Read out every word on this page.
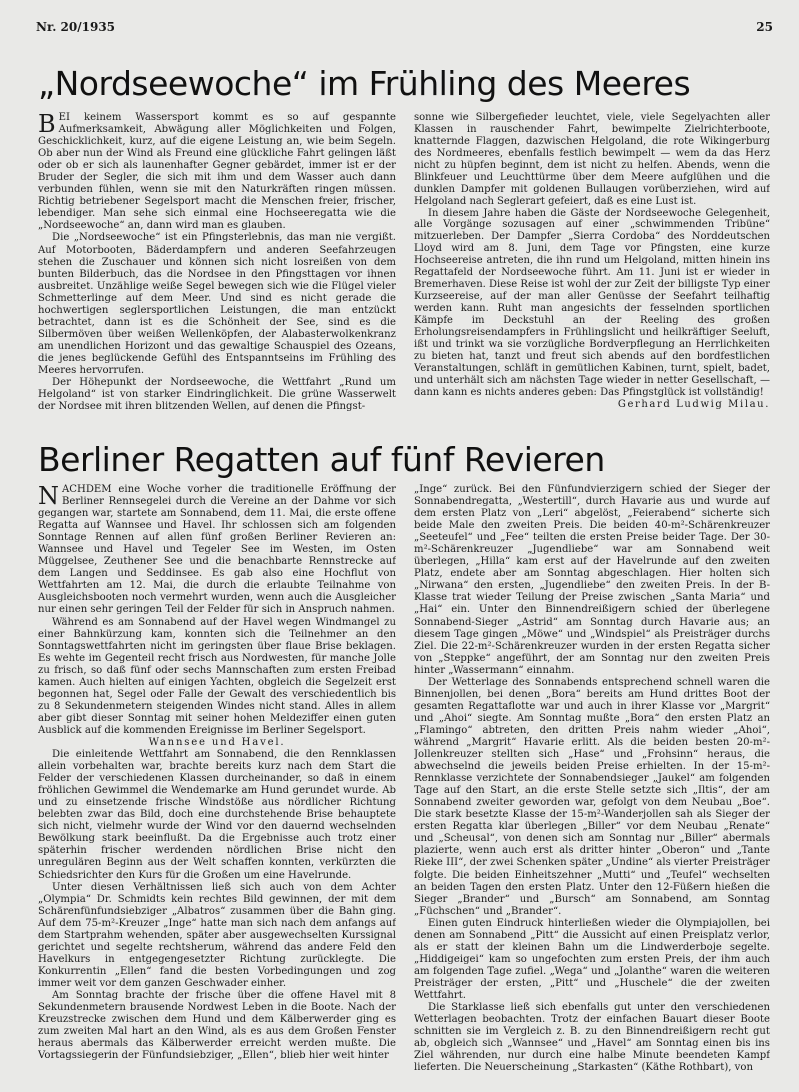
Nr. 20/1935	25
„Nordseewoche“ im Frühling des Meeres

BEI keinem Wassersport kommt es so auf gespannte Aufmerksamkeit, Abwägung aller Möglichkeiten und Folgen, Geschicklichkeit, kurz, auf die eigene Leistung an, wie beim Segeln. Ob aber nun der Wind als Freund eine glückliche Fahrt gelingen läßt oder ob er sich als launenhafter Gegner gebärdet, immer ist er der Bruder der Segler, die sich mit ihm und dem Wasser auch dann verbunden fühlen, wenn sie mit den Naturkräften ringen müssen. Richtig betriebener Segelsport macht die Menschen freier, frischer, lebendiger. Man sehe sich einmal eine Hochseeregatta wie die „Nordseewoche“ an, dann wird man es glauben.

Die „Nordseewoche“ ist ein Pfingsterlebnis, das man nie vergißt. Auf Motorbooten, Bäderdampfern und anderen Seefahrzeugen stehen die Zuschauer und können sich nicht losreißen von dem bunten Bilderbuch, das die Nordsee in den Pfingsttagen vor ihnen ausbreitet. Unzählige weiße Segel bewegen sich wie die Flügel vieler Schmetterlinge auf dem Meer. Und sind es nicht gerade die hochwertigen seglersportlichen Leistungen, die man entzückt betrachtet, dann ist es die Schönheit der See, sind es die Silbermöven über weißen Wellenköpfen, der Alabasterwolkenkranz am unendlichen Horizont und das gewaltige Schauspiel des Ozeans, die jenes beglückende Gefühl des Entspanntseins im Frühling des Meeres hervorrufen.

Der Höhepunkt der Nordseewoche, die Wettfahrt „Rund um Helgoland“ ist von starker Eindringlichkeit. Die grüne Wasserwelt der Nordsee mit ihren blitzenden Wellen, auf denen die Pfingst-

sonne wie Silbergefieder leuchtet, viele, viele Segelyachten aller Klassen in rauschender Fahrt, bewimpelte Zielrichterboote, knatternde Flaggen, dazwischen Helgoland, die rote Wikingerburg des Nordmeeres, ebenfalls festlich bewimpelt — wem da das Herz nicht zu hüpfen beginnt, dem ist nicht zu helfen. Abends, wenn die Blinkfeuer und Leuchttürme über dem Meere aufglühen und die dunklen Dampfer mit goldenen Bullaugen vorüberziehen, wird auf Helgoland nach Seglerart gefeiert, daß es eine Lust ist.

In diesem Jahre haben die Gäste der Nordseewoche Gelegenheit, alle Vorgänge sozusagen auf einer „schwimmenden Tribüne“ mitzuerleben. Der Dampfer „Sierra Cordoba“ des Norddeutschen Lloyd wird am 8. Juni, dem Tage vor Pfingsten, eine kurze Hochseereise antreten, die ihn rund um Helgoland, mitten hinein ins Regattafeld der Nordseewoche führt. Am 11. Juni ist er wieder in Bremerhaven. Diese Reise ist wohl der zur Zeit der billigste Typ einer Kurzseereise, auf der man aller Genüsse der Seefahrt teilhaftig werden kann. Ruht man angesichts der fesselnden sportlichen Kämpfe im Deckstuhl an der Reeling des großen Erholungsreisendampfers in Frühlingslicht und heilkräftiger Seeluft, ißt und trinkt wa sie vorzügliche Bordverpflegung an Herrlichkeiten zu bieten hat, tanzt und freut sich abends auf den bordfestlichen Veranstaltungen, schläft in gemütlichen Kabinen, turnt, spielt, badet, und unterhält sich am nächsten Tage wieder in netter Gesellschaft, — dann kann es nichts anderes geben: Das Pfingstglück ist vollständig!

Gerhard Ludwig Milau.

Berliner Regatten auf fünf Revieren

NACHDEM eine Woche vorher die traditionelle Eröffnung der Berliner Rennsegelei durch die Vereine an der Dahme vor sich gegangen war, startete am Sonnabend, dem 11. Mai, die erste offene Regatta auf Wannsee und Havel. Ihr schlossen sich am folgenden Sonntage Rennen auf allen fünf großen Berliner Revieren an: Wannsee und Havel und Tegeler See im Westen, im Osten Müggelsee, Zeuthener See und die benachbarte Rennstrecke auf dem Langen und Seddinsee. Es gab also eine Hochflut von Wettfahrten am 12. Mai, die durch die erlaubte Teilnahme von Ausgleichsbooten noch vermehrt wurden, wenn auch die Ausgleicher nur einen sehr geringen Teil der Felder für sich in Anspruch nahmen.

Während es am Sonnabend auf der Havel wegen Windmangel zu einer Bahnkürzung kam, konnten sich die Teilnehmer an den Sonntagswettfahrten nicht im geringsten über flaue Brise beklagen. Es wehte im Gegenteil recht frisch aus Nordwesten, für manche Jolle zu frisch, so daß fünf oder sechs Mannschaften zum ersten Freibad kamen. Auch hielten auf einigen Yachten, obgleich die Segelzeit erst begonnen hat, Segel oder Falle der Gewalt des verschiedentlich bis zu 8 Sekundenmetern steigenden Windes nicht stand. Alles in allem aber gibt dieser Sonntag mit seiner hohen Meldeziffer einen guten Ausblick auf die kommenden Ereignisse im Berliner Segelsport.

Wannsee und Havel.

Die einleitende Wettfahrt am Sonnabend, die den Rennklassen allein vorbehalten war, brachte bereits kurz nach dem Start die Felder der verschiedenen Klassen durcheinander, so daß in einem fröhlichen Gewimmel die Wendemarke am Hund gerundet wurde. Ab und zu einsetzende frische Windstöße aus nördlicher Richtung belebten zwar das Bild, doch eine durchstehende Brise behauptete sich nicht, vielmehr wurde der Wind vor den dauernd wechselnden Bewölkung stark beeinflußt. Da die Ergebnisse auch trotz einer späterhin frischer werdenden nördlichen Brise nicht den unregulären Beginn aus der Welt schaffen konnten, verkürzten die Schiedsrichter den Kurs für die Großen um eine Havelrunde.

Unter diesen Verhältnissen ließ sich auch von dem Achter „Olympia“ Dr. Schmidts kein rechtes Bild gewinnen, der mit dem Schärenfünfundsiebziger „Albatros“ zusammen über die Bahn ging. Auf dem 75-m²-Kreuzer „Inge“ hatte man sich nach dem anfangs auf dem Startprahm wehenden, später aber ausgewechselten Kurssignal gerichtet und segelte rechtsherum, während das andere Feld den Havelkurs in entgegengesetzter Richtung zurücklegte. Die Konkurrentin „Ellen“ fand die besten Vorbedingungen und zog immer weit vor dem ganzen Geschwader einher.

Am Sonntag brachte der frische über die offene Havel mit 8 Sekundenmetern brausende Nordwest Leben in die Boote. Nach der Kreuzstrecke zwischen dem Hund und dem Kälberwerder ging es zum zweiten Mal hart an den Wind, als es aus dem Großen Fenster heraus abermals das Kälberwerder erreicht werden mußte. Die Vortagssiegerin der Fünfundsiebziger, „Ellen“, blieb hier weit hinter

„Inge“ zurück. Bei den Fünfundvierzigern schied der Sieger der Sonnabendregatta, „Westertill“, durch Havarie aus und wurde auf dem ersten Platz von „Leri“ abgelöst, „Feierabend“ sicherte sich beide Male den zweiten Preis. Die beiden 40-m²-Schärenkreuzer „Seeteufel“ und „Fee“ teilten die ersten Preise beider Tage. Der 30-m²-Schärenkreuzer „Jugendliebe“ war am Sonnabend weit überlegen, „Hilla“ kam erst auf der Havelrunde auf den zweiten Platz, endete aber am Sonntag abgeschlagen. Hier holten sich „Nirwana“ den ersten, „Jugendliebe“ den zweiten Preis. In der B-Klasse trat wieder Teilung der Preise zwischen „Santa Maria“ und „Hai“ ein. Unter den Binnendreißigern schied der überlegene Sonnabend-Sieger „Astrid“ am Sonntag durch Havarie aus; an diesem Tage gingen „Möwe“ und „Windspiel“ als Preisträger durchs Ziel. Die 22-m²-Schärenkreuzer wurden in der ersten Regatta sicher von „Steppke“ angeführt, der am Sonntag nur den zweiten Preis hinter „Wassermann“ einnahm.

Der Wetterlage des Sonnabends entsprechend schnell waren die Binnenjollen, bei denen „Bora“ bereits am Hund drittes Boot der gesamten Regattaflotte war und auch in ihrer Klasse vor „Margrit“ und „Ahoi“ siegte. Am Sonntag mußte „Bora“ den ersten Platz an „Flamingo“ abtreten, den dritten Preis nahm wieder „Ahoi“, während „Margrit“ Havarie erlitt. Als die beiden besten 20-m²-Jollenkreuzer stellten sich „Hase“ und „Frohsinn“ heraus, die abwechselnd die jeweils beiden Preise erhielten. In der 15-m²-Rennklasse verzichtete der Sonnabendsieger „Jaukel“ am folgenden Tage auf den Start, an die erste Stelle setzte sich „Iltis“, der am Sonnabend zweiter geworden war, gefolgt von dem Neubau „Boe“. Die stark besetzte Klasse der 15-m²-Wanderjollen sah als Sieger der ersten Regatta klar überlegen „Biller“ vor dem Neubau „Renate“ und „Scheusal“, von denen sich am Sonntag nur „Biller“ abermals plazierte, wenn auch erst als dritter hinter „Oberon“ und „Tante Rieke III“, der zwei Schenken später „Undine“ als vierter Preisträger folgte. Die beiden Einheitszehner „Mutti“ und „Teufel“ wechselten an beiden Tagen den ersten Platz. Unter den 12-Füßern hießen die Sieger „Brander“ und „Bursch“ am Sonnabend, am Sonntag „Füchschen“ und „Brander“.

Einen guten Eindruck hinterließen wieder die Olympiajollen, bei denen am Sonnabend „Pitt“ die Aussicht auf einen Preisplatz verlor, als er statt der kleinen Bahn um die Lindwerderboje segelte. „Hiddigeigei“ kam so ungefochten zum ersten Preis, der ihm auch am folgenden Tage zufiel. „Wega“ und „Jolanthe“ waren die weiteren Preisträger der ersten, „Pitt“ und „Huschele“ die der zweiten Wettfahrt.

Die Starklasse ließ sich ebenfalls gut unter den verschiedenen Wetterlagen beobachten. Trotz der einfachen Bauart dieser Boote schnitten sie im Vergleich z. B. zu den Binnendreißigern recht gut ab, obgleich sich „Wannsee“ und „Havel“ am Sonntag einen bis ins Ziel währenden, nur durch eine halbe Minute beendeten Kampf lieferten. Die Neuerscheinung „Starkasten“ (Käthe Rothbart), von
